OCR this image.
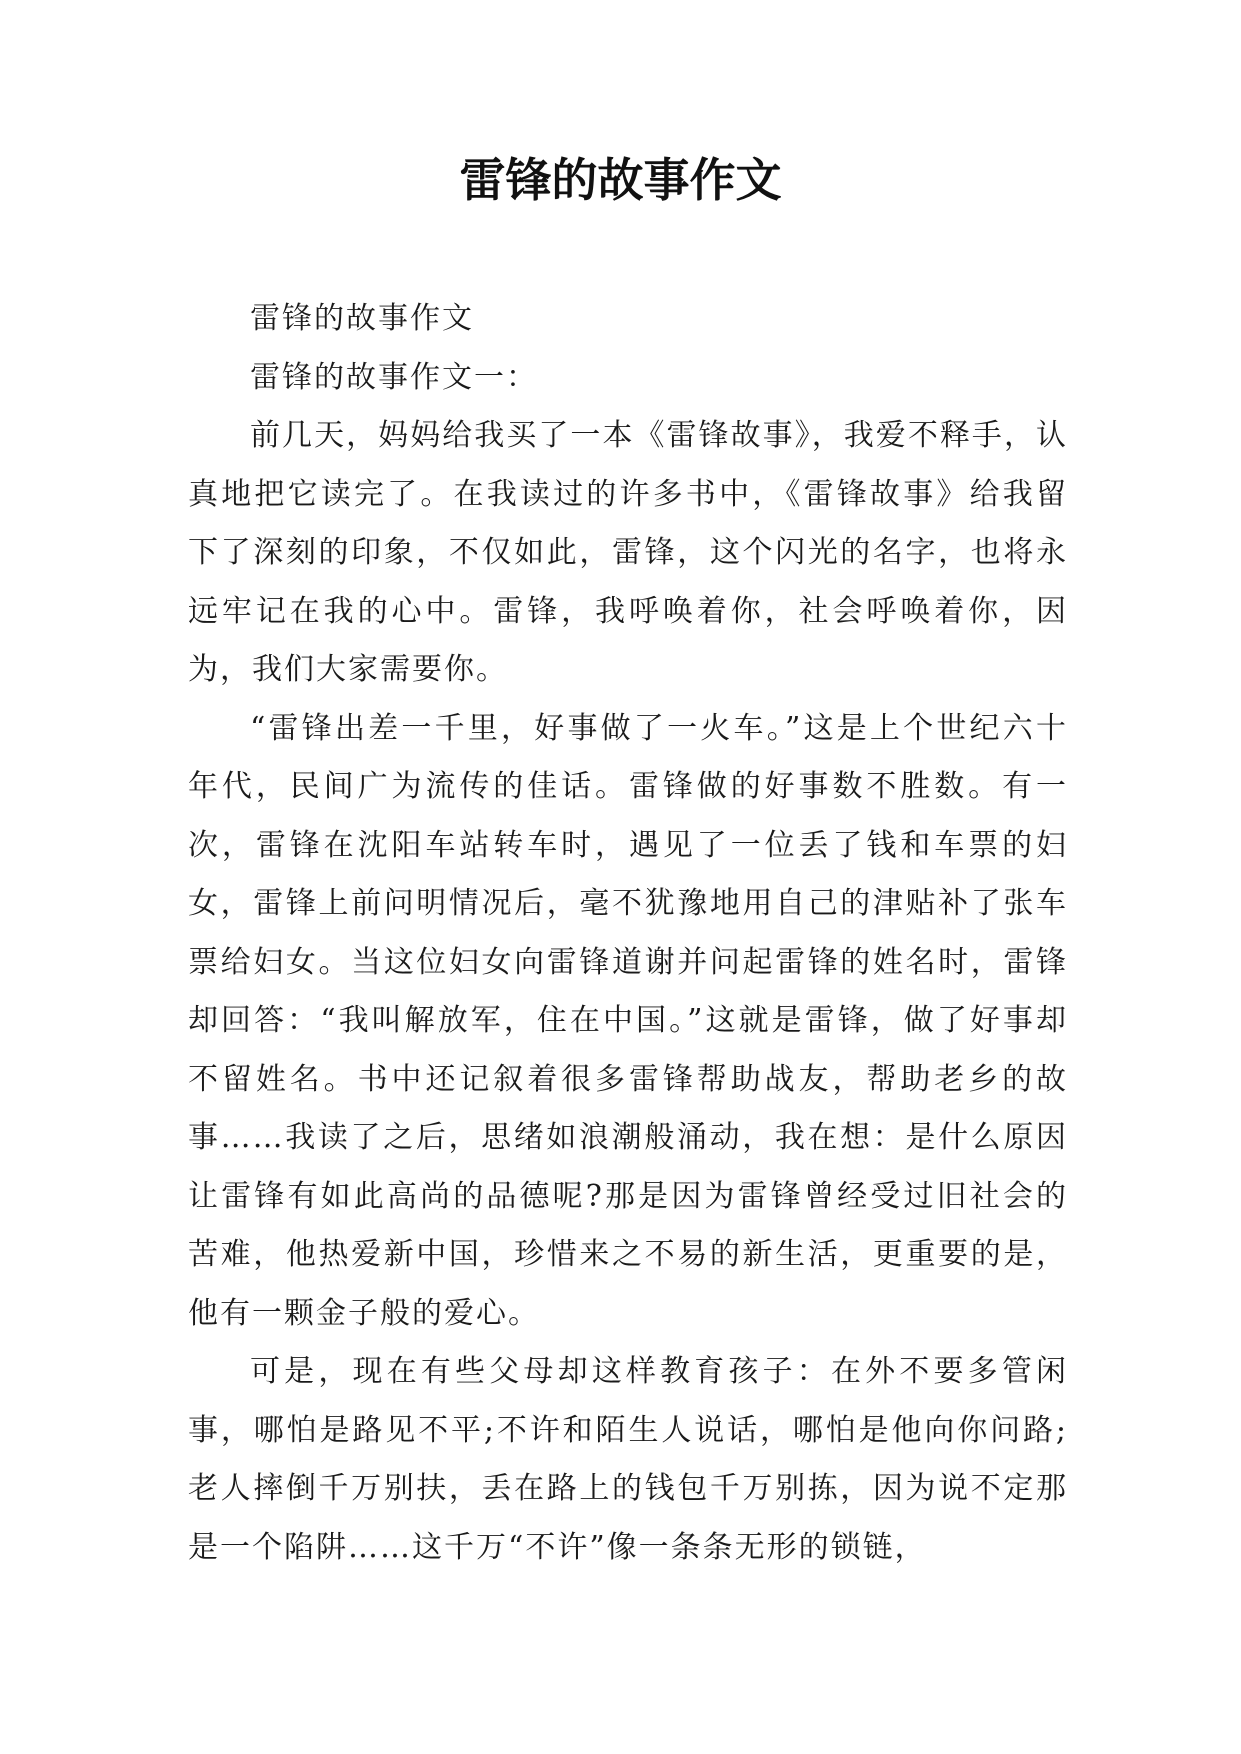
雷锋的故事作文

雷锋的故事作文

雷锋的故事作文一：

前几天，妈妈给我买了一本《雷锋故事》，我爱不释手，认真地把它读完了。在我读过的许多书中，《雷锋故事》给我留下了深刻的印象，不仅如此，雷锋，这个闪光的名字，也将永远牢记在我的心中。雷锋，我呼唤着你，社会呼唤着你，因为，我们大家需要你。

“雷锋出差一千里，好事做了一火车。”这是上个世纪六十年代，民间广为流传的佳话。雷锋做的好事数不胜数。有一次，雷锋在沈阳车站转车时，遇见了一位丢了钱和车票的妇女，雷锋上前问明情况后，毫不犹豫地用自己的津贴补了张车票给妇女。当这位妇女向雷锋道谢并问起雷锋的姓名时，雷锋却回答：“我叫解放军，住在中国。”这就是雷锋，做了好事却不留姓名。书中还记叙着很多雷锋帮助战友，帮助老乡的故事……我读了之后，思绪如浪潮般涌动，我在想：是什么原因让雷锋有如此高尚的品德呢?那是因为雷锋曾经受过旧社会的苦难，他热爱新中国，珍惜来之不易的新生活，更重要的是，他有一颗金子般的爱心。

可是，现在有些父母却这样教育孩子：在外不要多管闲事，哪怕是路见不平;不许和陌生人说话，哪怕是他向你问路;老人摔倒千万别扶，丢在路上的钱包千万别拣，因为说不定那是一个陷阱……这千万“不许”像一条条无形的锁链，
